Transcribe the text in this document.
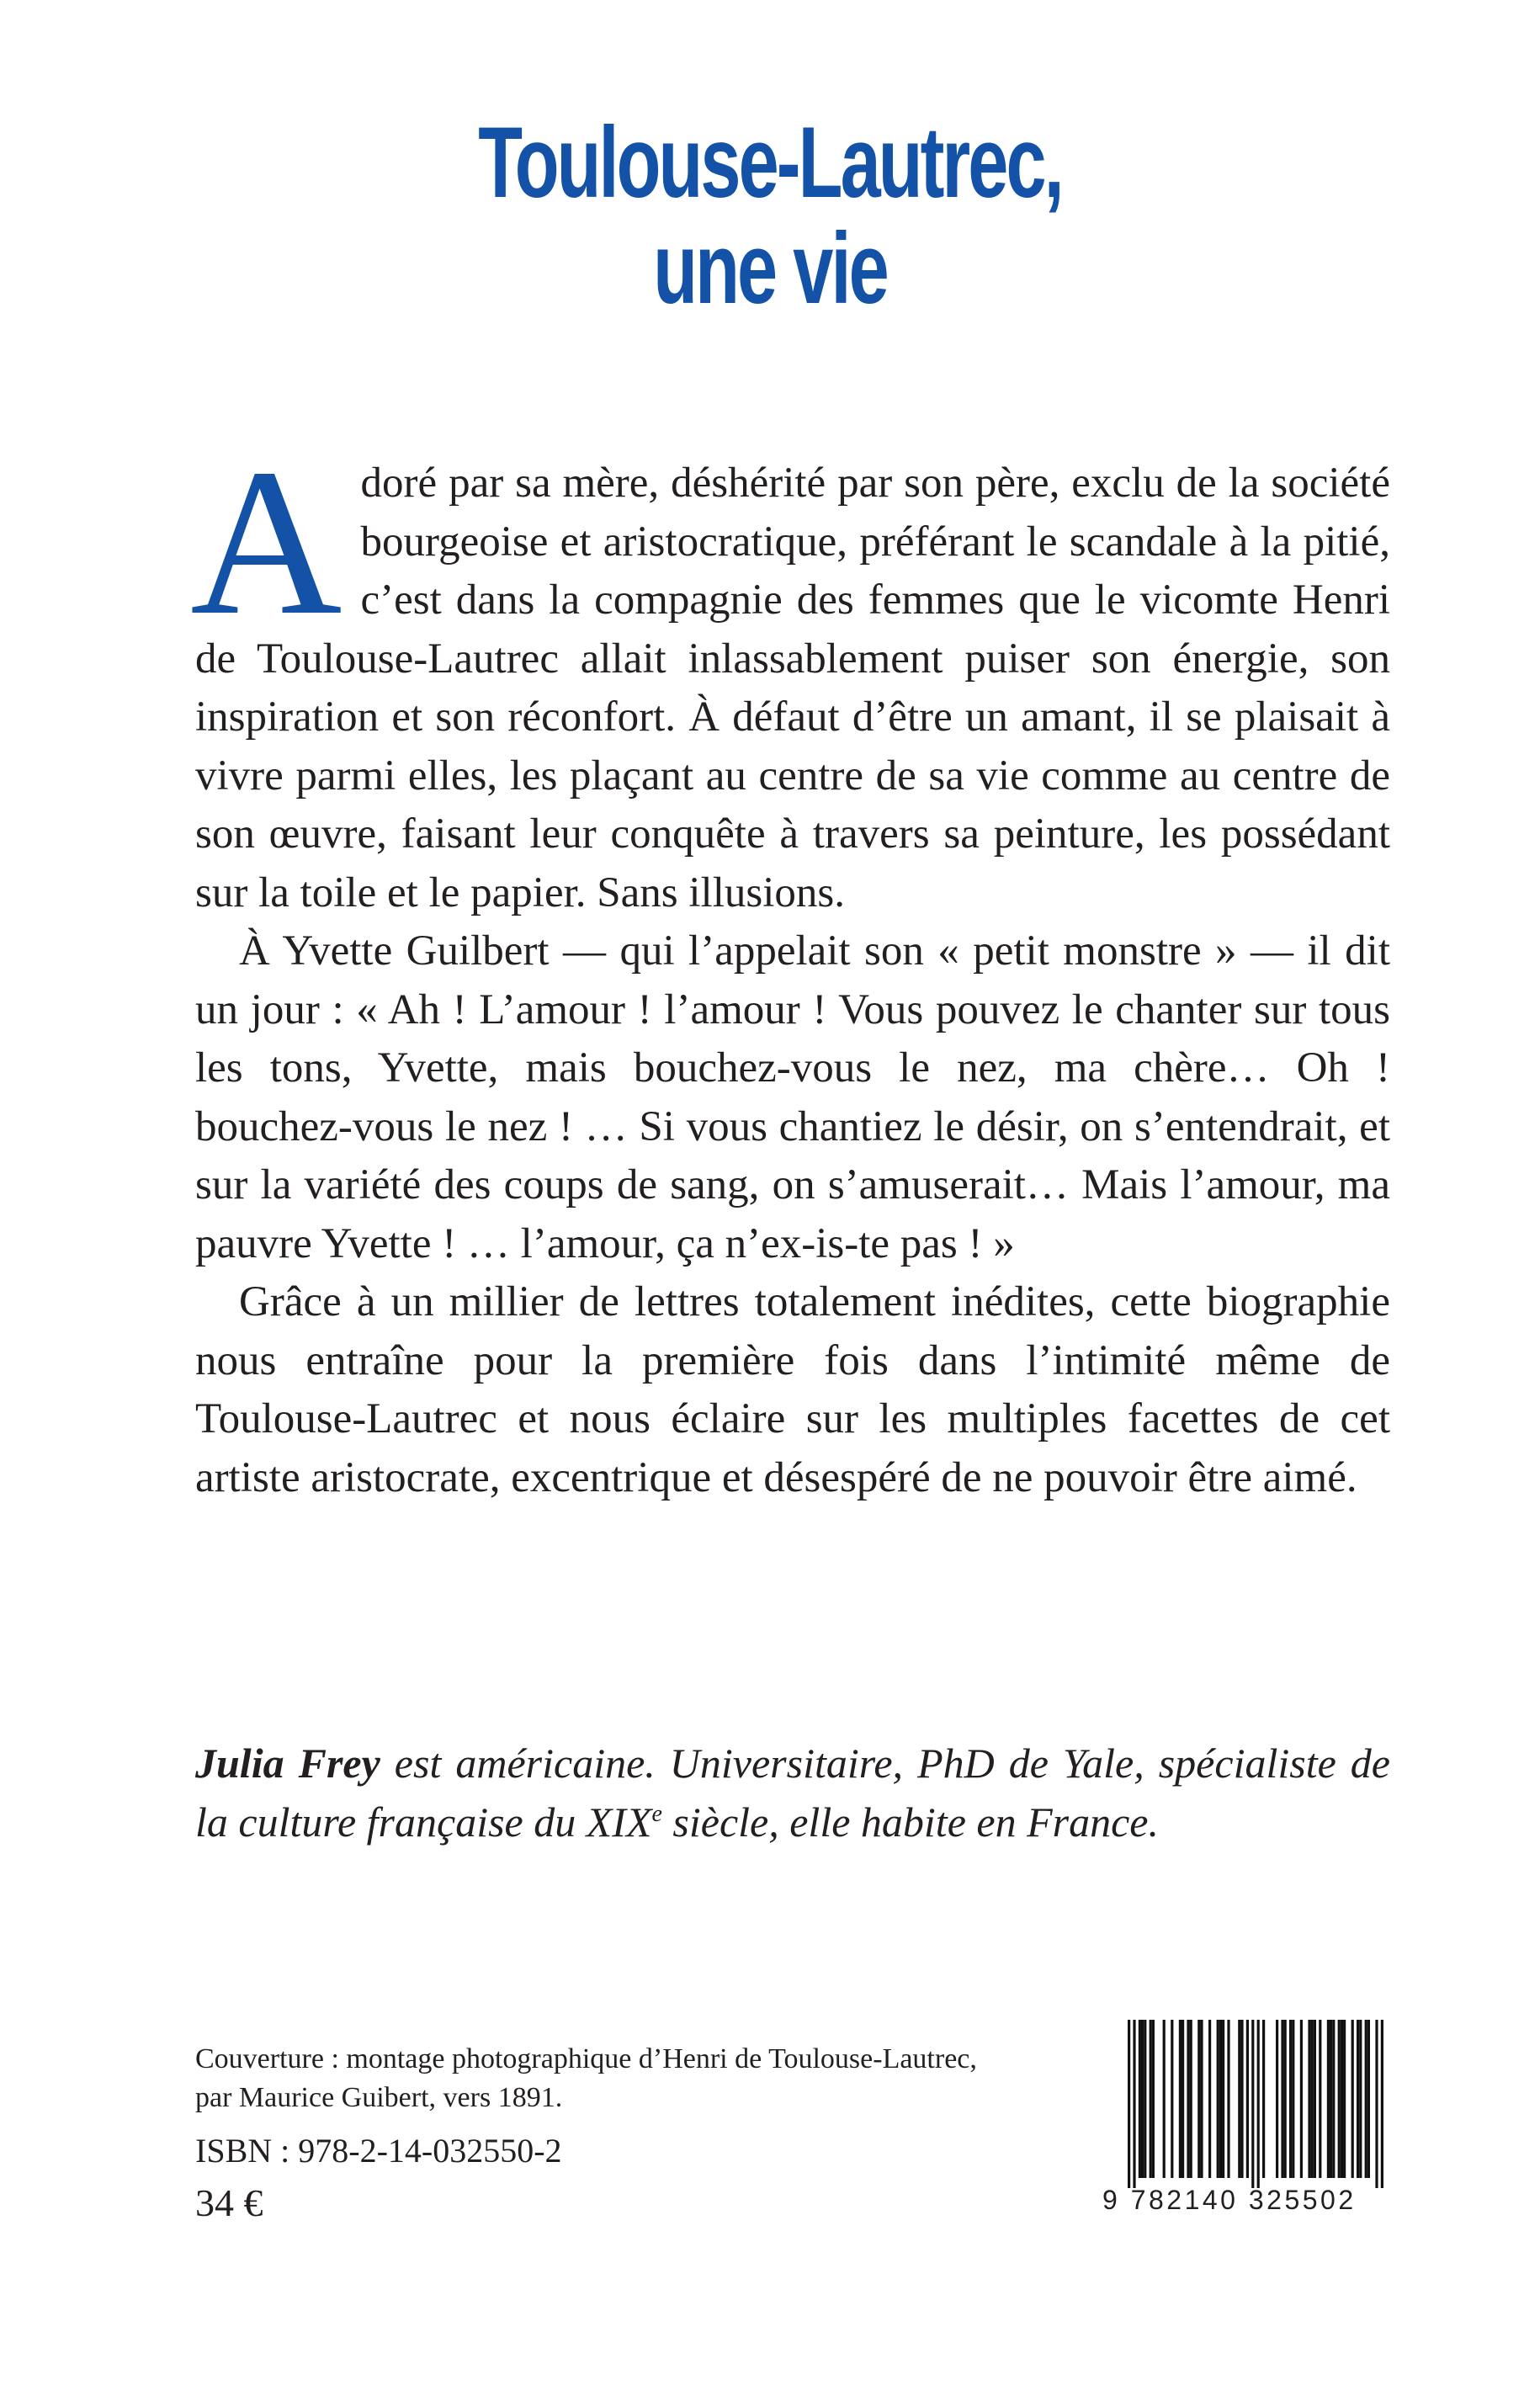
Toulouse-Lautrec,
une vie

Adoré par sa mère, déshérité par son père, exclu de la société bourgeoise et aristocratique, préférant le scandale à la pitié, c’est dans la compagnie des femmes que le vicomte Henri de Toulouse-Lautrec allait inlassablement puiser son énergie, son inspiration et son réconfort. À défaut d’être un amant, il se plaisait à vivre parmi elles, les plaçant au centre de sa vie comme au centre de son œuvre, faisant leur conquête à travers sa peinture, les possédant sur la toile et le papier. Sans illusions.

À Yvette Guilbert — qui l’appelait son « petit monstre » — il dit un jour : « Ah ! L’amour ! l’amour ! Vous pouvez le chanter sur tous les tons, Yvette, mais bouchez-vous le nez, ma chère… Oh ! bouchez-vous le nez ! … Si vous chantiez le désir, on s’entendrait, et sur la variété des coups de sang, on s’amuserait… Mais l’amour, ma pauvre Yvette ! … l’amour, ça n’ex-is-te pas ! »

Grâce à un millier de lettres totalement inédites, cette biographie nous entraîne pour la première fois dans l’intimité même de Toulouse-Lautrec et nous éclaire sur les multiples facettes de cet artiste aristocrate, excentrique et désespéré de ne pouvoir être aimé.

Julia Frey est américaine. Universitaire, PhD de Yale, spécialiste de la culture française du XIXe siècle, elle habite en France.
Couverture : montage photographique d’Henri de Toulouse-Lautrec,
par Maurice Guibert, vers 1891.
ISBN : 978-2-14-032550-2
34 €	9 782140 325502
